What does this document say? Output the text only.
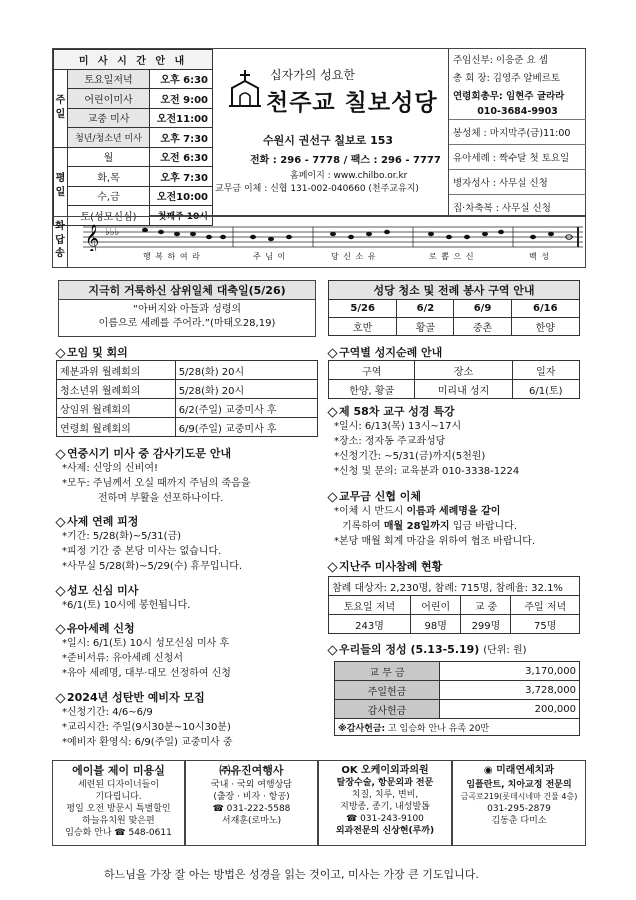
미 사 시 간 안 내		
주일	토요일저녁	오후 6:30
	어린이미사	오전 9:00
	교중 미사	오전11:00
	청년/청소년 미사	오후 7:30
평일	월	오전 6:30
	화,목	오후 7:30
	수,금	오전10:00
	토(성모신심)	첫째주 10시
십자가의 성요한
천주교 칠보성당
수원시 권선구 칠보로 153
전화 : 296 - 7778 / 팩스 : 296 - 7777
홈페이지 : www.chilbo.or.kr
교무금 이체 : 신협 131-002-040660 (천주교유지)
주임신부: 이응준 요 셉
총 회 장: 김영주 알베르토
연령회총무: 임현주 글라라
010-3684-9903
봉성체 : 마지막주(금)11:00
유아세례 : 짝수달 첫 토요일
병자성사 : 사무실 신청
집·차축복 : 사무실 신청
화답송
𝄞 ♭♭♭
행 복 하 여 라	주 님 이	당 신 소 유	로 뽑 으 신	백 성
지극히 거룩하신 삼위일체 대축일(5/26)
“아버지와 아들과 성령의
이름으로 세례를 주어라.”(마태오28,19)
성당 청소 및 전례 봉사 구역 안내			
5/26	6/2	6/9	6/16
호반	황골	중촌	한양
모임 및 회의
제분과위 월례회의	5/28(화) 20시
청소년위 월례회의	5/28(화) 20시
상임위 월례회의	6/2(주일) 교중미사 후
연령회 월례회의	6/9(주일) 교중미사 후
연중시기 미사 중 감사기도문 안내
*사제: 신앙의 신비여!
*모두: 주님께서 오실 때까지 주님의 죽음을
전하며 부활을 선포하나이다.
사제 연례 피정
*기간: 5/28(화)~5/31(금)
*피정 기간 중 본당 미사는 없습니다.
*사무실 5/28(화)~5/29(수) 휴무입니다.
성모 신심 미사
*6/1(토) 10시에 봉헌됩니다.
유아세례 신청
*일시: 6/1(토) 10시 성모신심 미사 후
*준비서류: 유아세례 신청서
*유아 세례명, 대부·대모 선정하여 신청
2024년 성탄반 예비자 모집
*신청기간: 4/6~6/9
*교리시간: 주일(9시30분~10시30분)
*예비자 환영식: 6/9(주일) 교중미사 중
구역별 성지순례 안내
구역	장소	일자
한양, 황골	미리내 성지	6/1(토)
제 58차 교구 성경 특강
*일시: 6/13(목) 13시~17시
*장소: 정자동 주교좌성당
*신청기간: ~5/31(금)까지(5천원)
*신청 및 문의: 교육분과 010-3338-1224
교무금 신협 이체
*이체 시 반드시 이름과 세례명을 같이
기록하여 매월 28일까지 입금 바랍니다.
*본당 매월 회계 마감을 위하여 협조 바랍니다.
지난주 미사참례 현황
참례 대상자: 2,230명, 참례: 715명, 참례율: 32.1%			
토요일 저녁	어린이	교 중	주일 저녁
243명	98명	299명	75명
우리들의 정성 (5.13-5.19) (단위: 원)
교 무 금	3,170,000
주일헌금	3,728,000
감사헌금	200,000
※감사헌금: 고 임승화 안나 유족 20만	
에이블 제이 미용실
세련된 디자이너들이
기다립니다.
평일 오전 방문시 특별할인
하늘유치원 맞은편
임승화 안나 ☎ 548-0611
㈜유진여행사
국내 · 국외 여행상담
(출장 · 비자 · 항공)
☎ 031-222-5588
서재훈(로마노)
OK 오케이외과의원
탈장수술, 항문외과 전문
치질, 치루, 변비,
지방종, 종기, 내성발톱
☎ 031-243-9100
외과전문의 신상현(루까)
◉ 미래연세치과
임플란트, 치아교정 전문의
금곡로219(롯데시네마 건물 4층)
031-295-2879
김동춘 다미소
하느님을 가장 잘 아는 방법은 성경을 읽는 것이고, 미사는 가장 큰 기도입니다.
